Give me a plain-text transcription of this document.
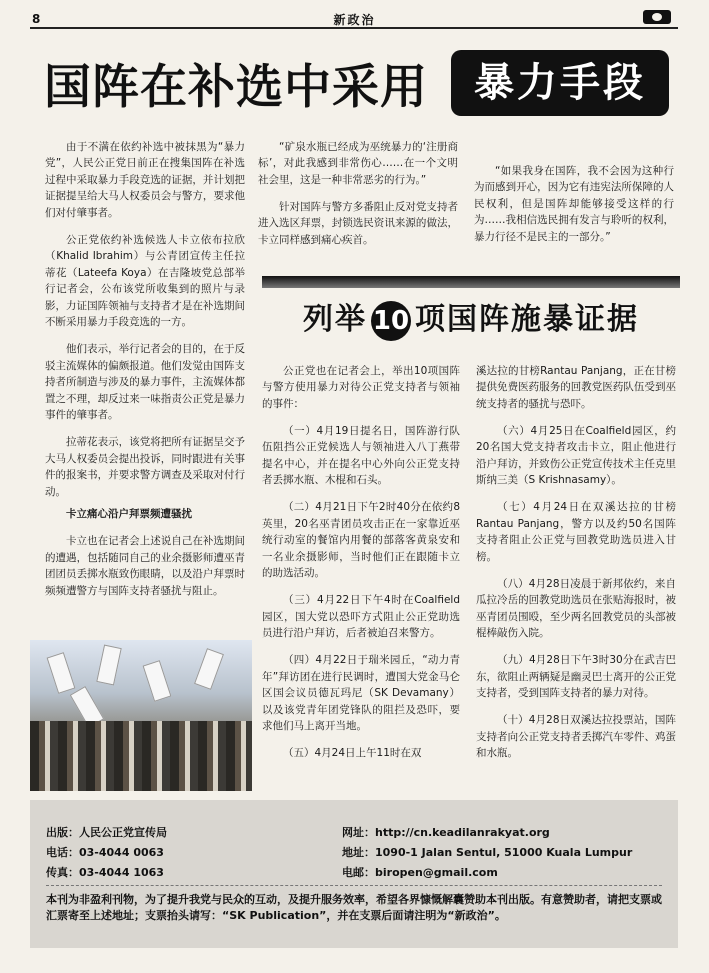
8	新政治
国阵在补选中采用	暴力手段

由于不满在依约补选中被抹黑为“暴力党”，人民公正党日前正在搜集国阵在补选过程中采取暴力手段竞选的证据，并计划把证据提呈给大马人权委员会与警方，要求他们对付肇事者。

公正党依约补选候选人卡立依布拉欣（Khalid Ibrahim）与公青团宣传主任拉蒂花（Lateefa Koya）在吉隆坡党总部举行记者会，公布该党所收集到的照片与录影，力证国阵领袖与支持者才是在补选期间不断采用暴力手段竞选的一方。

他们表示，举行记者会的目的，在于反驳主流媒体的偏颇报道。他们发觉由国阵支持者所制造与涉及的暴力事件，主流媒体都置之不理，却反过来一味指责公正党是暴力事件的肇事者。

拉蒂花表示，该党将把所有证据呈交予大马人权委员会提出投诉，同时跟进有关事件的报案书，并要求警方调查及采取对付行动。

卡立痛心沿户拜票频遭骚扰

卡立也在记者会上述说自己在补选期间的遭遇，包括随同自己的业余摄影师遭巫青团团员丢掷水瓶致伤眼睛，以及沿户拜票时频频遭警方与国阵支持者骚扰与阻止。

“矿泉水瓶已经成为巫统暴力的‘注册商标’，对此我感到非常伤心……在一个文明社会里，这是一种非常恶劣的行为。”

针对国阵与警方多番阻止反对党支持者进入选区拜票，封锁选民资讯来源的做法，卡立同样感到痛心疾首。

“如果我身在国阵，我不会因为这种行为而感到开心，因为它有违宪法所保障的人民权利，但是国阵却能够接受这样的行为……我相信选民拥有发言与聆听的权利，暴力行径不是民主的一部分。”

列举 10 项国阵施暴证据

公正党也在记者会上，举出10项国阵与警方使用暴力对待公正党支持者与领袖的事件：

（一）4月19日提名日，国阵游行队伍阻挡公正党候选人与领袖进入八丁燕带提名中心，并在提名中心外向公正党支持者丢掷水瓶、木棍和石头。

（二）4月21日下午2时40分在依约8英里，20名巫青团员攻击正在一家靠近巫统行动室的餐馆内用餐的部落客黄泉安和一名业余摄影师，当时他们正在跟随卡立的助选活动。

（三）4月22日下午4时在Coalfield园区，国大党以恐吓方式阻止公正党助选员进行沿户拜访，后者被迫召来警方。

（四）4月22日于瑞米园丘，“动力青年”拜访团在进行民调时，遭国大党金马仑区国会议员德瓦玛尼（SK Devamany）以及该党青年团党锋队的阻拦及恐吓，要求他们马上离开当地。

（五）4月24日上午11时在双

溪达拉的甘榜Rantau Panjang，正在甘榜提供免费医药服务的回教党医药队伍受到巫统支持者的骚扰与恐吓。

（六）4月25日在Coalfield园区，约20名国大党支持者攻击卡立，阻止他进行沿户拜访，并致伤公正党宣传技术主任克里斯纳三美（S Krishnasamy）。

（七）4月24日在双溪达拉的甘榜Rantau Panjang，警方以及约50名国阵支持者阻止公正党与回教党助选员进入甘榜。

（八）4月28日凌晨于新邦依约，来自瓜拉冷岳的回教党助选员在张贴海报时，被巫青团员围殴，至少两名回教党员的头部被棍棒敲伤入院。

（九）4月28日下午3时30分在武吉巴东，欲阻止两辆疑是幽灵巴士离开的公正党支持者，受到国阵支持者的暴力对待。

（十）4月28日双溪达拉投票站，国阵支持者向公正党支持者丢掷汽车零件、鸡蛋和水瓶。

出版：人民公正党宣传局
电话：03-4044 0063
传真：03-4044 1063
网址：http://cn.keadilanrakyat.org
地址：1090-1 Jalan Sentul, 51000 Kuala Lumpur
电邮：biropen@gmail.com
本刊为非盈利刊物，为了提升我党与民众的互动，及提升服务效率，希望各界慷慨解囊赞助本刊出版。有意赞助者，请把支票或汇票寄至上述地址；支票抬头请写：“SK Publication”，并在支票后面请注明为“新政治”。
